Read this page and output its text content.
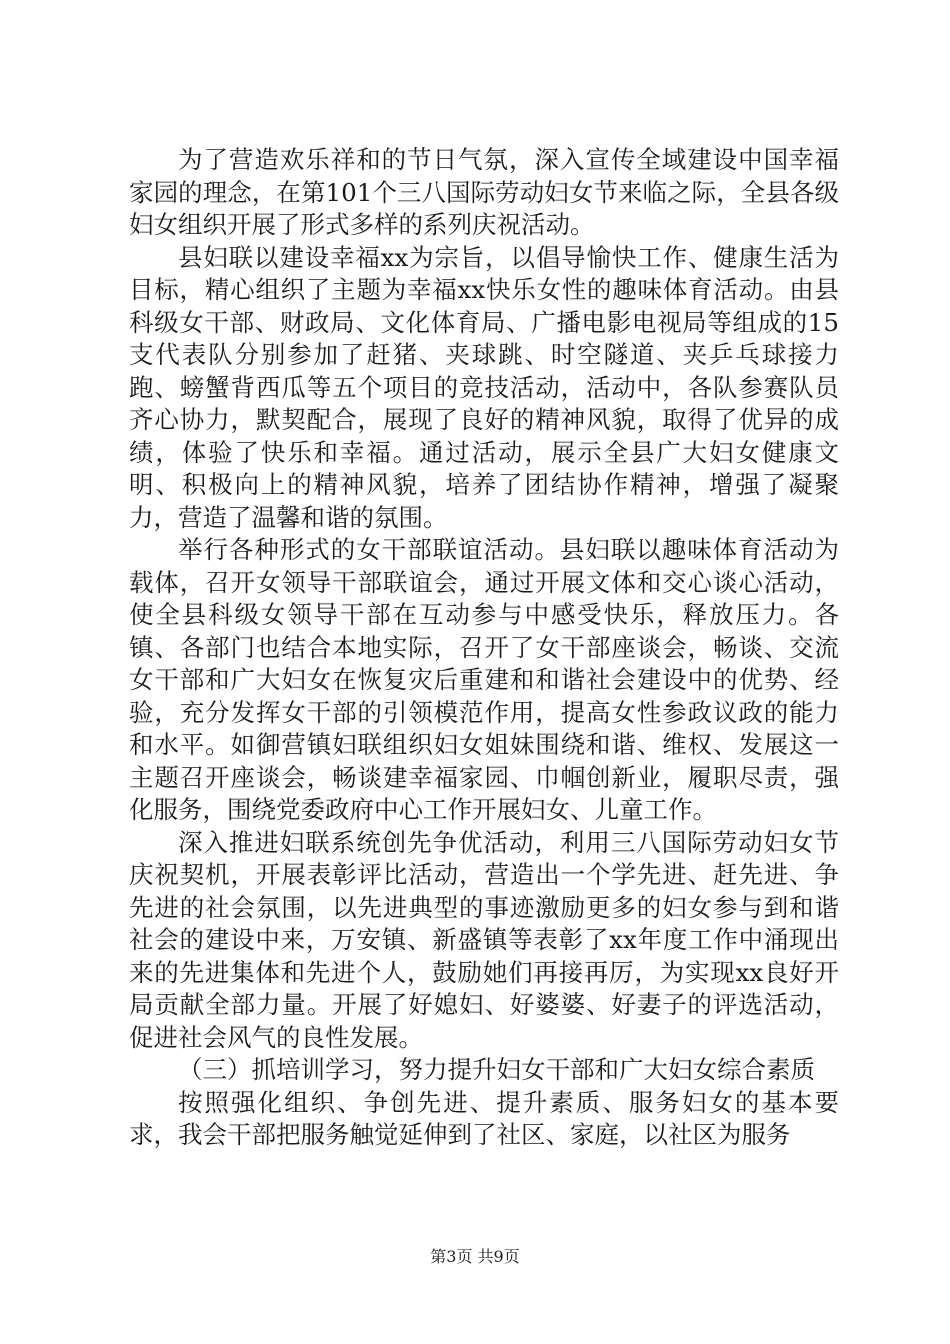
为了营造欢乐祥和的节日气氛，深入宣传全域建设中国幸福家园的理念，在第101个三八国际劳动妇女节来临之际，全县各级妇女组织开展了形式多样的系列庆祝活动。

县妇联以建设幸福xx为宗旨，以倡导愉快工作、健康生活为目标，精心组织了主题为幸福xx快乐女性的趣味体育活动。由县科级女干部、财政局、文化体育局、广播电影电视局等组成的15支代表队分别参加了赶猪、夹球跳、时空隧道、夹乒乓球接力跑、螃蟹背西瓜等五个项目的竞技活动，活动中，各队参赛队员齐心协力，默契配合，展现了良好的精神风貌，取得了优异的成绩，体验了快乐和幸福。通过活动，展示全县广大妇女健康文明、积极向上的精神风貌，培养了团结协作精神，增强了凝聚力，营造了温馨和谐的氛围。

举行各种形式的女干部联谊活动。县妇联以趣味体育活动为载体，召开女领导干部联谊会，通过开展文体和交心谈心活动，使全县科级女领导干部在互动参与中感受快乐，释放压力。各镇、各部门也结合本地实际，召开了女干部座谈会，畅谈、交流女干部和广大妇女在恢复灾后重建和和谐社会建设中的优势、经验，充分发挥女干部的引领模范作用，提高女性参政议政的能力和水平。如御营镇妇联组织妇女姐妹围绕和谐、维权、发展这一主题召开座谈会，畅谈建幸福家园、巾帼创新业，履职尽责，强化服务，围绕党委政府中心工作开展妇女、儿童工作。

深入推进妇联系统创先争优活动，利用三八国际劳动妇女节庆祝契机，开展表彰评比活动，营造出一个学先进、赶先进、争先进的社会氛围，以先进典型的事迹激励更多的妇女参与到和谐社会的建设中来，万安镇、新盛镇等表彰了xx年度工作中涌现出来的先进集体和先进个人，鼓励她们再接再厉，为实现xx良好开局贡献全部力量。开展了好媳妇、好婆婆、好妻子的评选活动，促进社会风气的良性发展。

（三）抓培训学习，努力提升妇女干部和广大妇女综合素质

按照强化组织、争创先进、提升素质、服务妇女的基本要求，我会干部把服务触觉延伸到了社区、家庭，以社区为服务

第3页 共9页
